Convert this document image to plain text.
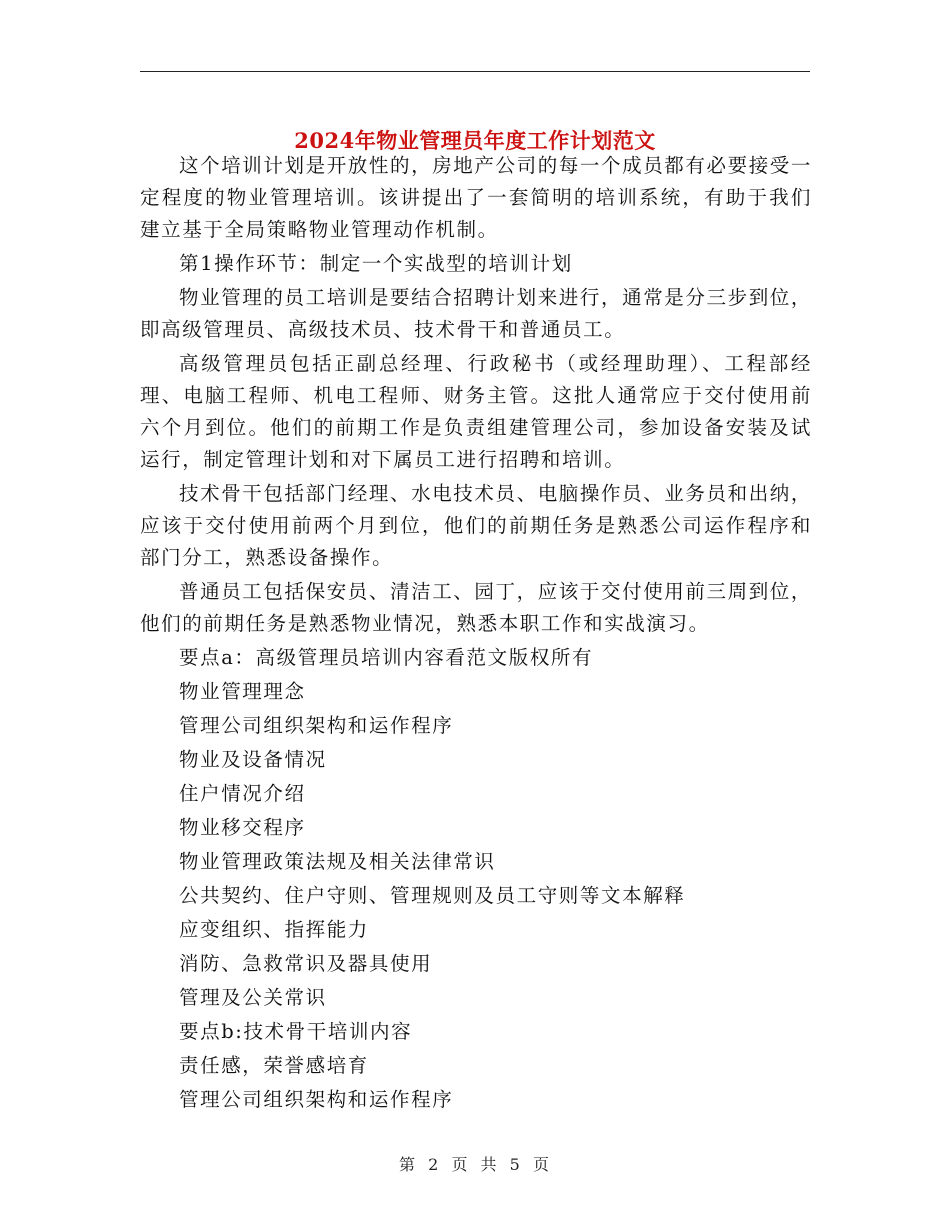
2024年物业管理员年度工作计划范文

这个培训计划是开放性的，房地产公司的每一个成员都有必要接受一定程度的物业管理培训。该讲提出了一套简明的培训系统，有助于我们建立基于全局策略物业管理动作机制。

第1操作环节：制定一个实战型的培训计划

物业管理的员工培训是要结合招聘计划来进行，通常是分三步到位，即高级管理员、高级技术员、技术骨干和普通员工。

高级管理员包括正副总经理、行政秘书（或经理助理）、工程部经理、电脑工程师、机电工程师、财务主管。这批人通常应于交付使用前六个月到位。他们的前期工作是负责组建管理公司，参加设备安装及试运行，制定管理计划和对下属员工进行招聘和培训。

技术骨干包括部门经理、水电技术员、电脑操作员、业务员和出纳，应该于交付使用前两个月到位，他们的前期任务是熟悉公司运作程序和部门分工，熟悉设备操作。

普通员工包括保安员、清洁工、园丁，应该于交付使用前三周到位，他们的前期任务是熟悉物业情况，熟悉本职工作和实战演习。

要点a：高级管理员培训内容看范文版权所有

物业管理理念

管理公司组织架构和运作程序

物业及设备情况

住户情况介绍

物业移交程序

物业管理政策法规及相关法律常识

公共契约、住户守则、管理规则及员工守则等文本解释

应变组织、指挥能力

消防、急救常识及器具使用

管理及公关常识

要点b:技术骨干培训内容

责任感，荣誉感培育

管理公司组织架构和运作程序

第 2 页 共 5 页
